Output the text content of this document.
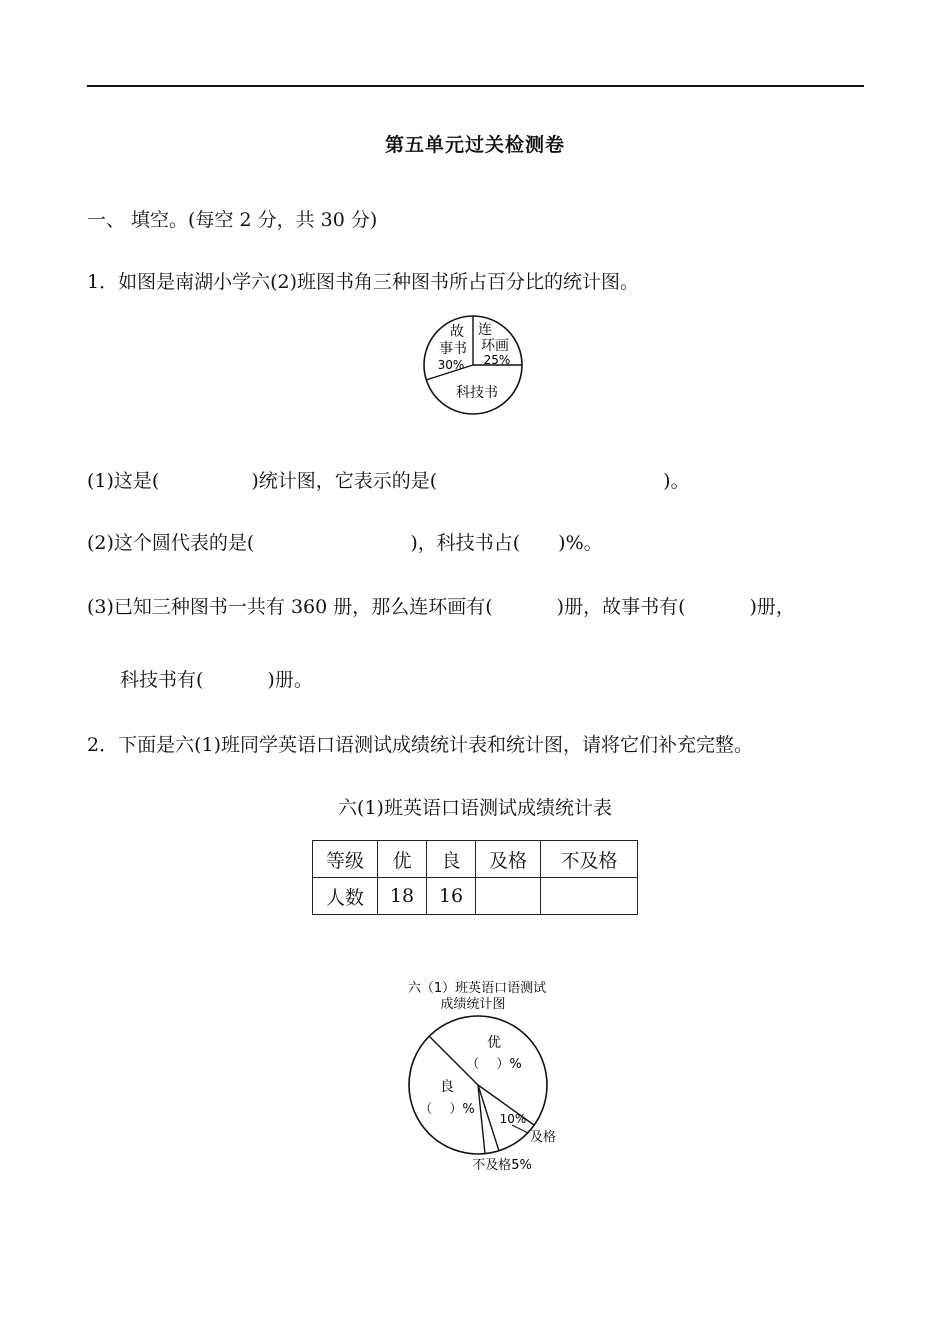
第五单元过关检测卷
一、 填空。(每空 2 分，共 30 分)
1．如图是南湖小学六(2)班图书角三种图书所占百分比的统计图。
故
事书
30%
连
环画
25%
科技书
(1)这是(	)统计图，它表示的是(	)。
(2)这个圆代表的是(	)，科技书占( )%。
(3)已知三种图书一共有 360 册，那么连环画有(	)册，故事书有(	)册，
科技书有(	)册。
2．下面是六(1)班同学英语口语测试成绩统计表和统计图，请将它们补充完整。
六(1)班英语口语测试成绩统计表
等级	优	良	及格	不及格
人数	18	16		
六（1）班英语口语测试
成绩统计图
优
（　 ）%
良
（　 ）%
10%
及格
不及格5%
